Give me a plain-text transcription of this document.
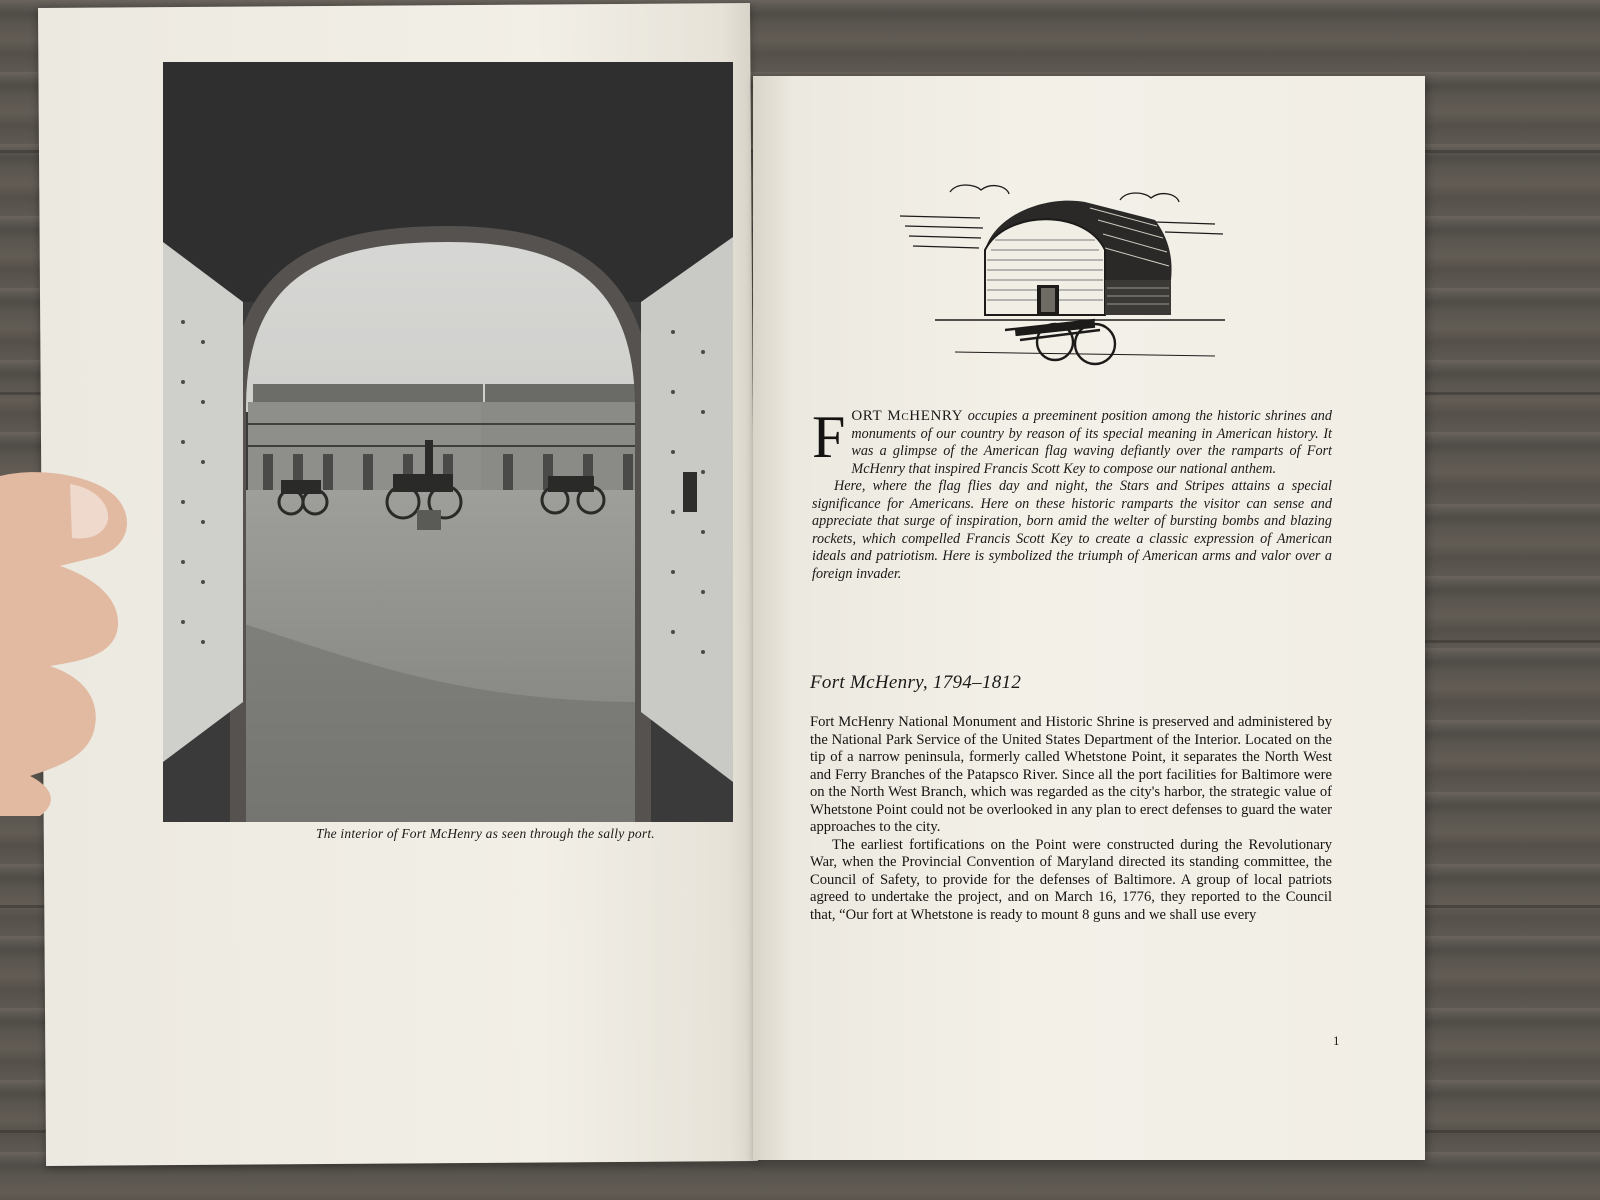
The interior of Fort McHenry as seen through the sally port.

FORT McHENRY occupies a preeminent position among the historic shrines and monuments of our country by reason of its special meaning in American history. It was a glimpse of the American flag waving defiantly over the ramparts of Fort McHenry that inspired Francis Scott Key to compose our national anthem.

Here, where the flag flies day and night, the Stars and Stripes attains a special significance for Americans. Here on these historic ramparts the visitor can sense and appreciate that surge of inspiration, born amid the welter of bursting bombs and blazing rockets, which compelled Francis Scott Key to create a classic expression of American ideals and patriotism. Here is symbolized the triumph of American arms and valor over a foreign invader.

Fort McHenry, 1794–1812

Fort McHenry National Monument and Historic Shrine is preserved and administered by the National Park Service of the United States Department of the Interior. Located on the tip of a narrow peninsula, formerly called Whetstone Point, it separates the North West and Ferry Branches of the Patapsco River. Since all the port facilities for Baltimore were on the North West Branch, which was regarded as the city's harbor, the strategic value of Whetstone Point could not be overlooked in any plan to erect defenses to guard the water approaches to the city.

The earliest fortifications on the Point were constructed during the Revolutionary War, when the Provincial Convention of Maryland directed its standing committee, the Council of Safety, to provide for the defenses of Baltimore. A group of local patriots agreed to undertake the project, and on March 16, 1776, they reported to the Council that, “Our fort at Whetstone is ready to mount 8 guns and we shall use every

1
